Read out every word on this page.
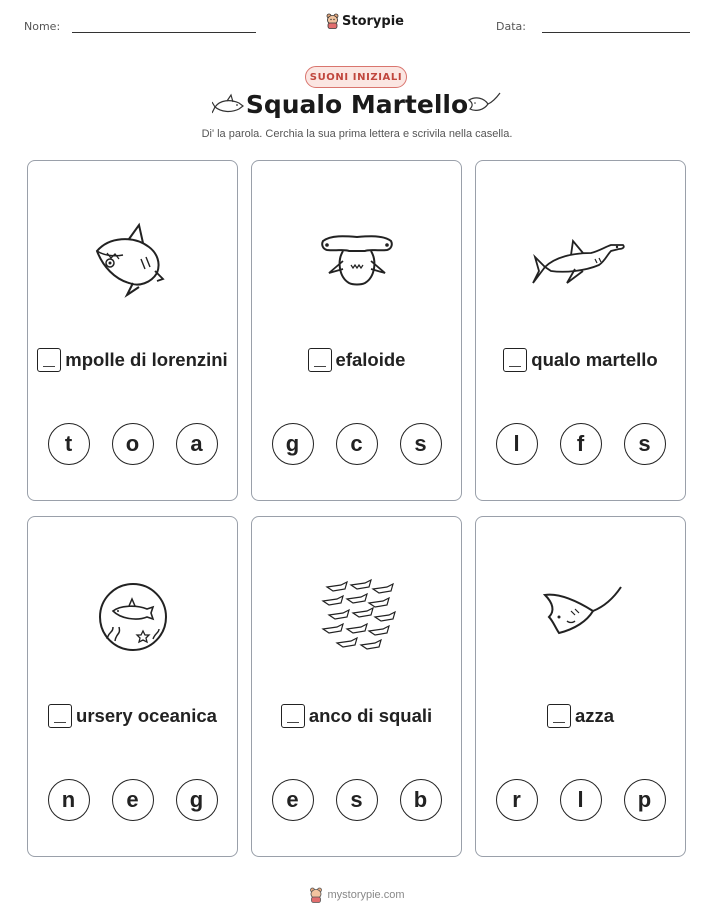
Nome:	Storypie	Data:
SUONI INIZIALI
Squalo Martello
Di' la parola. Cerchia la sua prima lettera e scrivila nella casella.
mpolle di lorenzini
t	o	a
efaloide
g	c	s
qualo martello
l	f	s
ursery oceanica
n	e	g
anco di squali
e	s	b
azza
r	l	p
mystorypie.com
